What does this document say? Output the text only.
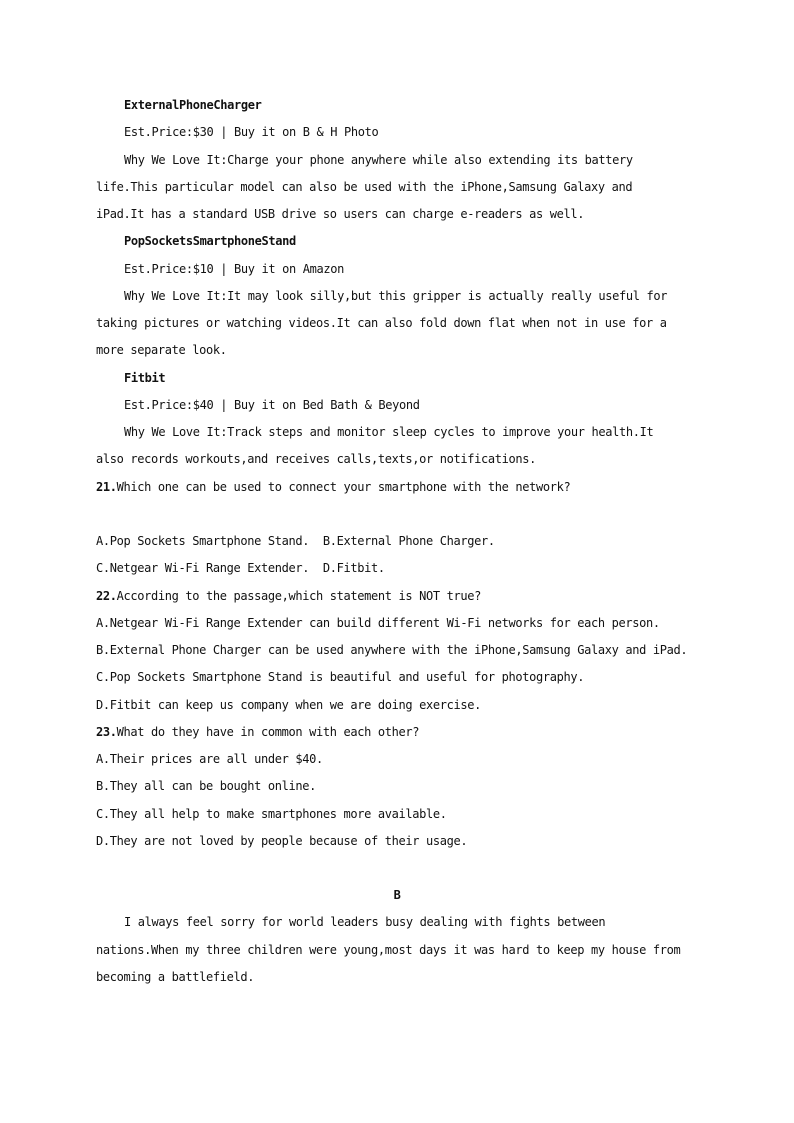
ExternalPhoneCharger
Est.Price:$30 | Buy it on B & H Photo
Why We Love It:Charge your phone anywhere while also extending its battery
life.This particular model can also be used with the iPhone,Samsung Galaxy and
iPad.It has a standard USB drive so users can charge e-readers as well.
PopSocketsSmartphoneStand
Est.Price:$10 | Buy it on Amazon
Why We Love It:It may look silly,but this gripper is actually really useful for
taking pictures or watching videos.It can also fold down flat when not in use for a
more separate look.
Fitbit
Est.Price:$40 | Buy it on Bed Bath & Beyond
Why We Love It:Track steps and monitor sleep cycles to improve your health.It
also records workouts,and receives calls,texts,or notifications.
21.Which one can be used to connect your smartphone with the network?
A.Pop Sockets Smartphone Stand.  B.External Phone Charger.
C.Netgear Wi-Fi Range Extender.  D.Fitbit.
22.According to the passage,which statement is NOT true?
A.Netgear Wi-Fi Range Extender can build different Wi-Fi networks for each person.
B.External Phone Charger can be used anywhere with the iPhone,Samsung Galaxy and iPad.
C.Pop Sockets Smartphone Stand is beautiful and useful for photography.
D.Fitbit can keep us company when we are doing exercise.
23.What do they have in common with each other?
A.Their prices are all under $40.
B.They all can be bought online.
C.They all help to make smartphones more available.
D.They are not loved by people because of their usage.
B
I always feel sorry for world leaders busy dealing with fights between
nations.When my three children were young,most days it was hard to keep my house from
becoming a battlefield.
